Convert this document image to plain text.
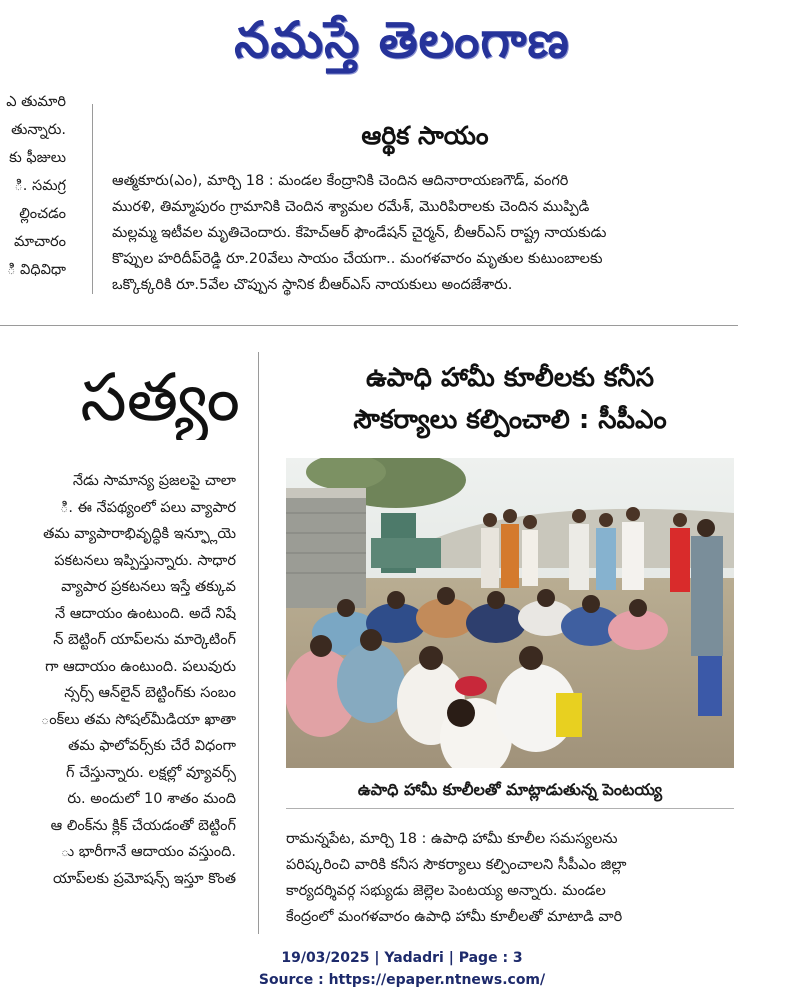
నమస్తే తెలంగాణ
ఎ తుమారి
తున్నారు.
కు ఫీజులు
ి. సమగ్ర
ల్లించడం
మాచారం
ి విధివిధా
ఆర్థిక సాయం
ఆత్మకూరు(ఎం), మార్చి 18 : మండల కేంద్రానికి చెందిన ఆదినారాయణగౌడ్, వంగరి
మురళి, తిమ్మాపురం గ్రామానికి చెందిన శ్యామల రమేశ్, మొరిపిరాలకు చెందిన ముప్పిడి
మల్లమ్మ ఇటీవల మృతిచెందారు. కేహెచ్‌ఆర్ ఫౌండేషన్ చైర్మన్, బీఆర్‌ఎస్ రాష్ట్ర నాయకుడు
కొప్పుల హరిదీప్‌రెడ్డి రూ.20వేలు సాయం చేయగా.. మంగళవారం మృతుల కుటుంబాలకు
ఒక్కొక్కరికి రూ.5వేల చొప్పున స్థానిక బీఆర్‌ఎస్ నాయకులు అందజేశారు.
సత్యం
నేడు సామాన్య ప్రజలపై చాలా
ి. ఈ నేపథ్యంలో పలు వ్యాపార
తమ వ్యాపారాభివృద్ధికి ఇన్ఫ్లూయె
పకటనలు ఇప్పిస్తున్నారు. సాధార
వ్యాపార ప్రకటనలు ఇస్తే తక్కువ
నే ఆదాయం ఉంటుంది. అదే నిషే
న్ బెట్టింగ్ యాప్‌లను మార్కెటింగ్
గా ఆదాయం ఉంటుంది. పలువురు
న్సర్స్ ఆన్‌లైన్ బెట్టింగ్‌కు సంబం
ంక్‌లు తమ సోషల్‌మీడియా ఖాతా
తమ ఫాలోవర్స్‌కు చేరే విధంగా
గ్ చేస్తున్నారు. లక్షల్లో వ్యూవర్స్
రు. అందులో 10 శాతం మంది
ఆ లింక్‌ను క్లిక్ చేయడంతో బెట్టింగ్
ు భారీగానే ఆదాయం వస్తుంది.
యాప్‌లకు ప్రమోషన్స్ ఇస్తూ కొంత
ఉపాధి హామీ కూలీలకు కనీస
సౌకర్యాలు కల్పించాలి : సీపీఎం
ఉపాధి హామీ కూలీలతో మాట్లాడుతున్న పెంటయ్య
రామన్నపేట, మార్చి 18 : ఉపాధి హామీ కూలీల సమస్యలను
పరిష్కరించి వారికి కనీస సౌకర్యాలు కల్పించాలని సీపీఎం జిల్లా
కార్యదర్శివర్గ సభ్యుడు జెల్లెల పెంటయ్య అన్నారు. మండల
కేంద్రంలో మంగళవారం ఉపాధి హామీ కూలీలతో మాటాడి వారి
19/03/2025 | Yadadri | Page : 3
Source : https://epaper.ntnews.com/
